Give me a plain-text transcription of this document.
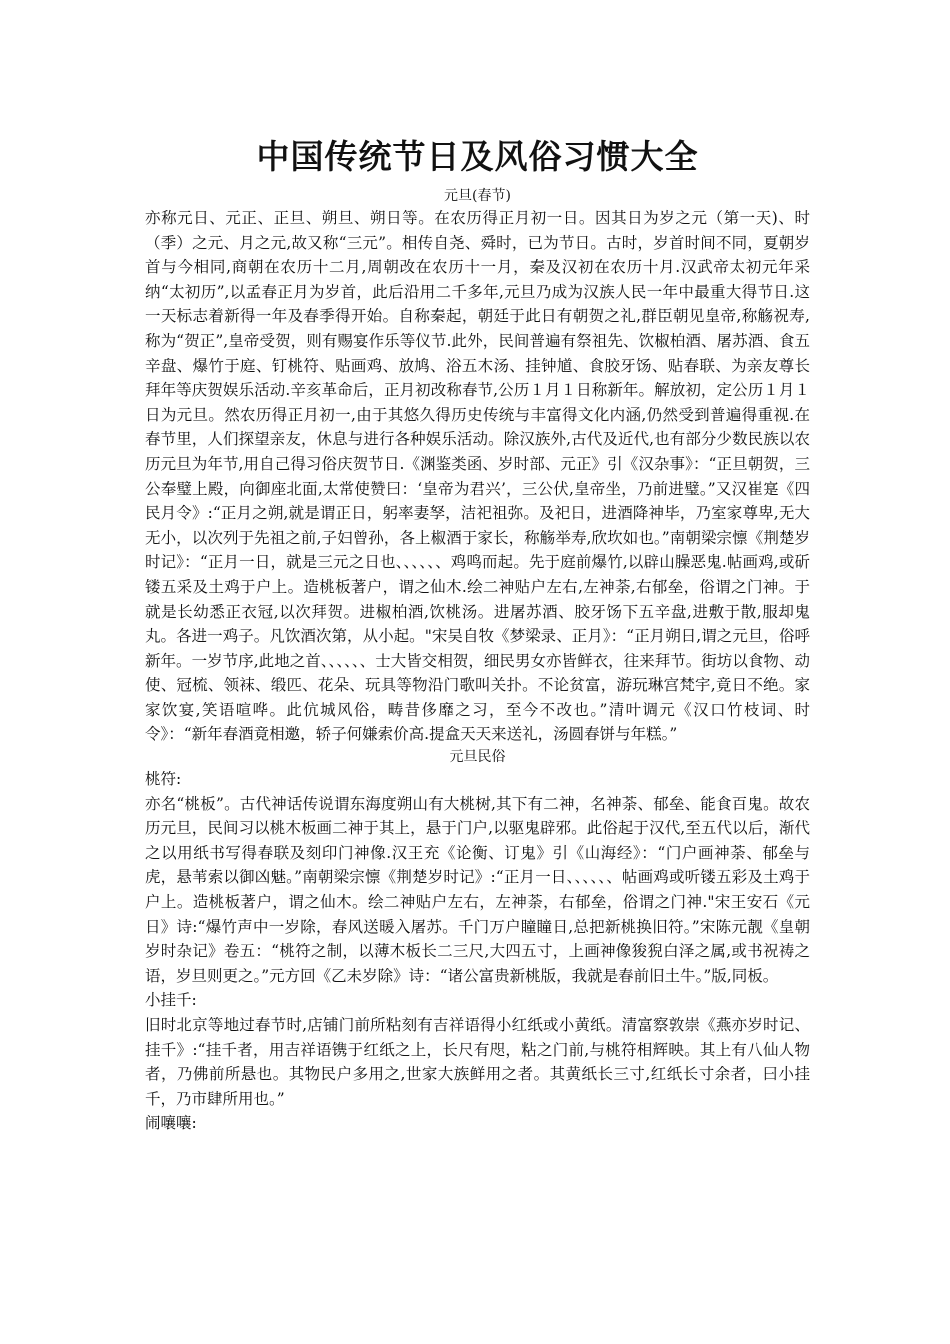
中国传统节日及风俗习惯大全

元旦(春节)

亦称元日、元正、正旦、朔旦、朔日等。在农历得正月初一日。因其日为岁之元（第一天)、时（季）之元、月之元,故又称“三元”。相传自尧、舜时，已为节日。古时，岁首时间不同，夏朝岁首与今相同,商朝在农历十二月,周朝改在农历十一月，秦及汉初在农历十月.汉武帝太初元年采纳“太初历”,以孟春正月为岁首，此后沿用二千多年,元旦乃成为汉族人民一年中最重大得节日.这一天标志着新得一年及春季得开始。自称秦起，朝廷于此日有朝贺之礼,群臣朝见皇帝,称觞祝寿,称为“贺正”,皇帝受贺，则有赐宴作乐等仪节.此外，民间普遍有祭祖先、饮椒柏酒、屠苏酒、食五辛盘、爆竹于庭、钉桃符、贴画鸡、放鸠、浴五木汤、挂钟馗、食胶牙饧、贴春联、为亲友尊长拜年等庆贺娱乐活动.辛亥革命后，正月初改称春节,公历１月１日称新年。解放初，定公历１月１日为元旦。然农历得正月初一,由于其悠久得历史传统与丰富得文化内涵,仍然受到普遍得重视.在春节里，人们探望亲友，休息与进行各种娱乐活动。除汉族外,古代及近代,也有部分少数民族以农历元旦为年节,用自己得习俗庆贺节日.《渊鉴类函、岁时部、元正》引《汉杂事》：“正旦朝贺，三公奉璧上殿，向御座北面,太常使赞曰：‘皇帝为君兴’，三公伏,皇帝坐，乃前进璧。”又汉崔寔《四民月令》:“正月之朔,就是谓正日，躬率妻孥，洁祀祖弥。及祀日，进酒降神毕，乃室家尊卑,无大无小，以次列于先祖之前,子妇曾孙，各上椒酒于家长，称觞举寿,欣坎如也。”南朝梁宗懔《荆楚岁时记》：“正月一日，就是三元之日也、、、、、、鸡鸣而起。先于庭前爆竹,以辟山臊恶鬼.帖画鸡,或斫镂五采及土鸡于户上。造桃板著户，谓之仙木.绘二神贴户左右,左神荼,右郁垒，俗谓之门神。于就是长幼悉正衣冠,以次拜贺。进椒柏酒,饮桃汤。进屠苏酒、胶牙饧下五辛盘,进敷于散,服却鬼丸。各进一鸡子。凡饮酒次第，从小起。"宋吴自牧《梦梁录、正月》：“正月朔日,谓之元旦，俗呼新年。一岁节序,此地之首、、、、、、士大皆交相贺，细民男女亦皆鲜衣，往来拜节。街坊以食物、动使、冠梳、领袜、缎匹、花朵、玩具等物沿门歌叫关扑。不论贫富，游玩琳宫梵宇,竟日不绝。家家饮宴,笑语喧哗。此伉城风俗，畴昔侈靡之习，至今不改也。”清叶调元《汉口竹枝词、时令》：“新年春酒竟相邀，轿子何嫌索价高.提盒天天来送礼，汤圆春饼与年糕。”

元旦民俗

桃符:

亦名“桃板”。古代神话传说谓东海度朔山有大桃树,其下有二神，名神荼、郁垒、能食百鬼。故农历元旦，民间习以桃木板画二神于其上，悬于门户,以驱鬼辟邪。此俗起于汉代,至五代以后，渐代之以用纸书写得春联及刻印门神像.汉王充《论衡、订鬼》引《山海经》：“门户画神荼、郁垒与虎，悬苇索以御凶魅。”南朝梁宗懔《荆楚岁时记》:“正月一日、、、、、、帖画鸡或听镂五彩及土鸡于户上。造桃板著户，谓之仙木。绘二神贴户左右，左神荼，右郁垒，俗谓之门神."宋王安石《元日》诗:“爆竹声中一岁除，春风送暖入屠苏。千门万户瞳瞳日,总把新桃换旧符。”宋陈元靓《皇朝岁时杂记》卷五：“桃符之制，以薄木板长二三尺,大四五寸，上画神像狻猊白泽之属,或书祝祷之语，岁旦则更之。”元方回《乙未岁除》诗：“诸公富贵新桃版，我就是春前旧土牛。”版,同板。

小挂千:

旧时北京等地过春节时,店铺门前所粘刻有吉祥语得小红纸或小黄纸。清富察敦崇《燕亦岁时记、挂千》:“挂千者，用吉祥语镌于红纸之上，长尺有咫，粘之门前,与桃符相辉映。其上有八仙人物者，乃佛前所悬也。其物民户多用之,世家大族鲜用之者。其黄纸长三寸,红纸长寸余者，曰小挂千，乃市肆所用也。”

闹嚷嚷:
